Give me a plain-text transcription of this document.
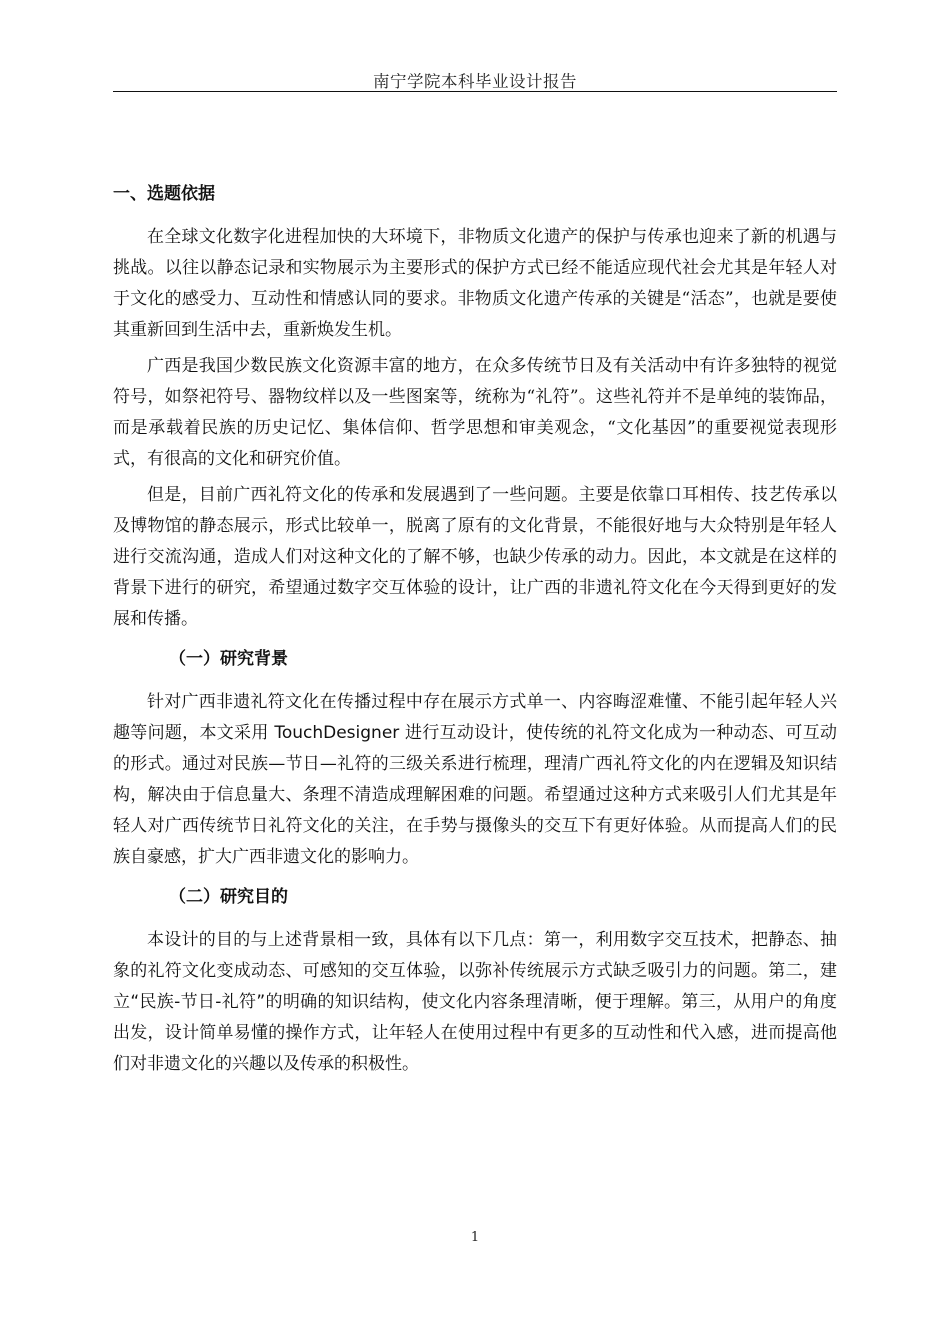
南宁学院本科毕业设计报告
一、选题依据

在全球文化数字化进程加快的大环境下，非物质文化遗产的保护与传承也迎来了新的机遇与挑战。以往以静态记录和实物展示为主要形式的保护方式已经不能适应现代社会尤其是年轻人对于文化的感受力、互动性和情感认同的要求。非物质文化遗产传承的关键是“活态”，也就是要使其重新回到生活中去，重新焕发生机。

广西是我国少数民族文化资源丰富的地方，在众多传统节日及有关活动中有许多独特的视觉符号，如祭祀符号、器物纹样以及一些图案等，统称为“礼符”。这些礼符并不是单纯的装饰品，而是承载着民族的历史记忆、集体信仰、哲学思想和审美观念，“文化基因”的重要视觉表现形式，有很高的文化和研究价值。

但是，目前广西礼符文化的传承和发展遇到了一些问题。主要是依靠口耳相传、技艺传承以及博物馆的静态展示，形式比较单一，脱离了原有的文化背景，不能很好地与大众特别是年轻人进行交流沟通，造成人们对这种文化的了解不够，也缺少传承的动力。因此，本文就是在这样的背景下进行的研究，希望通过数字交互体验的设计，让广西的非遗礼符文化在今天得到更好的发展和传播。

（一）研究背景

针对广西非遗礼符文化在传播过程中存在展示方式单一、内容晦涩难懂、不能引起年轻人兴趣等问题，本文采用 TouchDesigner 进行互动设计，使传统的礼符文化成为一种动态、可互动的形式。通过对民族—节日—礼符的三级关系进行梳理，理清广西礼符文化的内在逻辑及知识结构，解决由于信息量大、条理不清造成理解困难的问题。希望通过这种方式来吸引人们尤其是年轻人对广西传统节日礼符文化的关注，在手势与摄像头的交互下有更好体验。从而提高人们的民族自豪感，扩大广西非遗文化的影响力。

（二）研究目的

本设计的目的与上述背景相一致，具体有以下几点：第一，利用数字交互技术，把静态、抽象的礼符文化变成动态、可感知的交互体验，以弥补传统展示方式缺乏吸引力的问题。第二，建立“民族-节日-礼符”的明确的知识结构，使文化内容条理清晰，便于理解。第三，从用户的角度出发，设计简单易懂的操作方式，让年轻人在使用过程中有更多的互动性和代入感，进而提高他们对非遗文化的兴趣以及传承的积极性。

1
